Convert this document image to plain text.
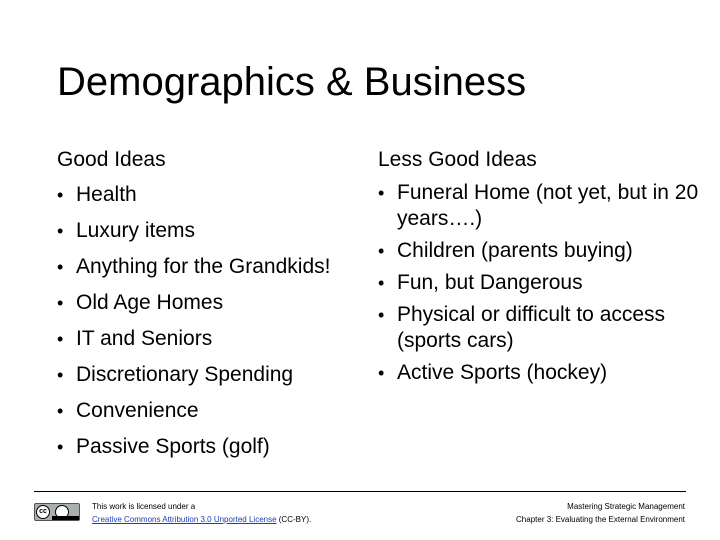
Demographics & Business
Good Ideas	Less Good Ideas
• Health
• Luxury items
• Anything for the Grandkids!
• Old Age Homes
• IT and Seniors
• Discretionary Spending
• Convenience
• Passive Sports (golf)
• Funeral Home (not yet, but in 20 years….)
• Children (parents buying)
• Fun, but Dangerous
• Physical or difficult to access (sports cars)
• Active Sports (hockey)
cc
This work is licensed under a
Creative Commons Attribution 3.0 Unported License (CC-BY).
Mastering Strategic Management
Chapter 3: Evaluating the External Environment
